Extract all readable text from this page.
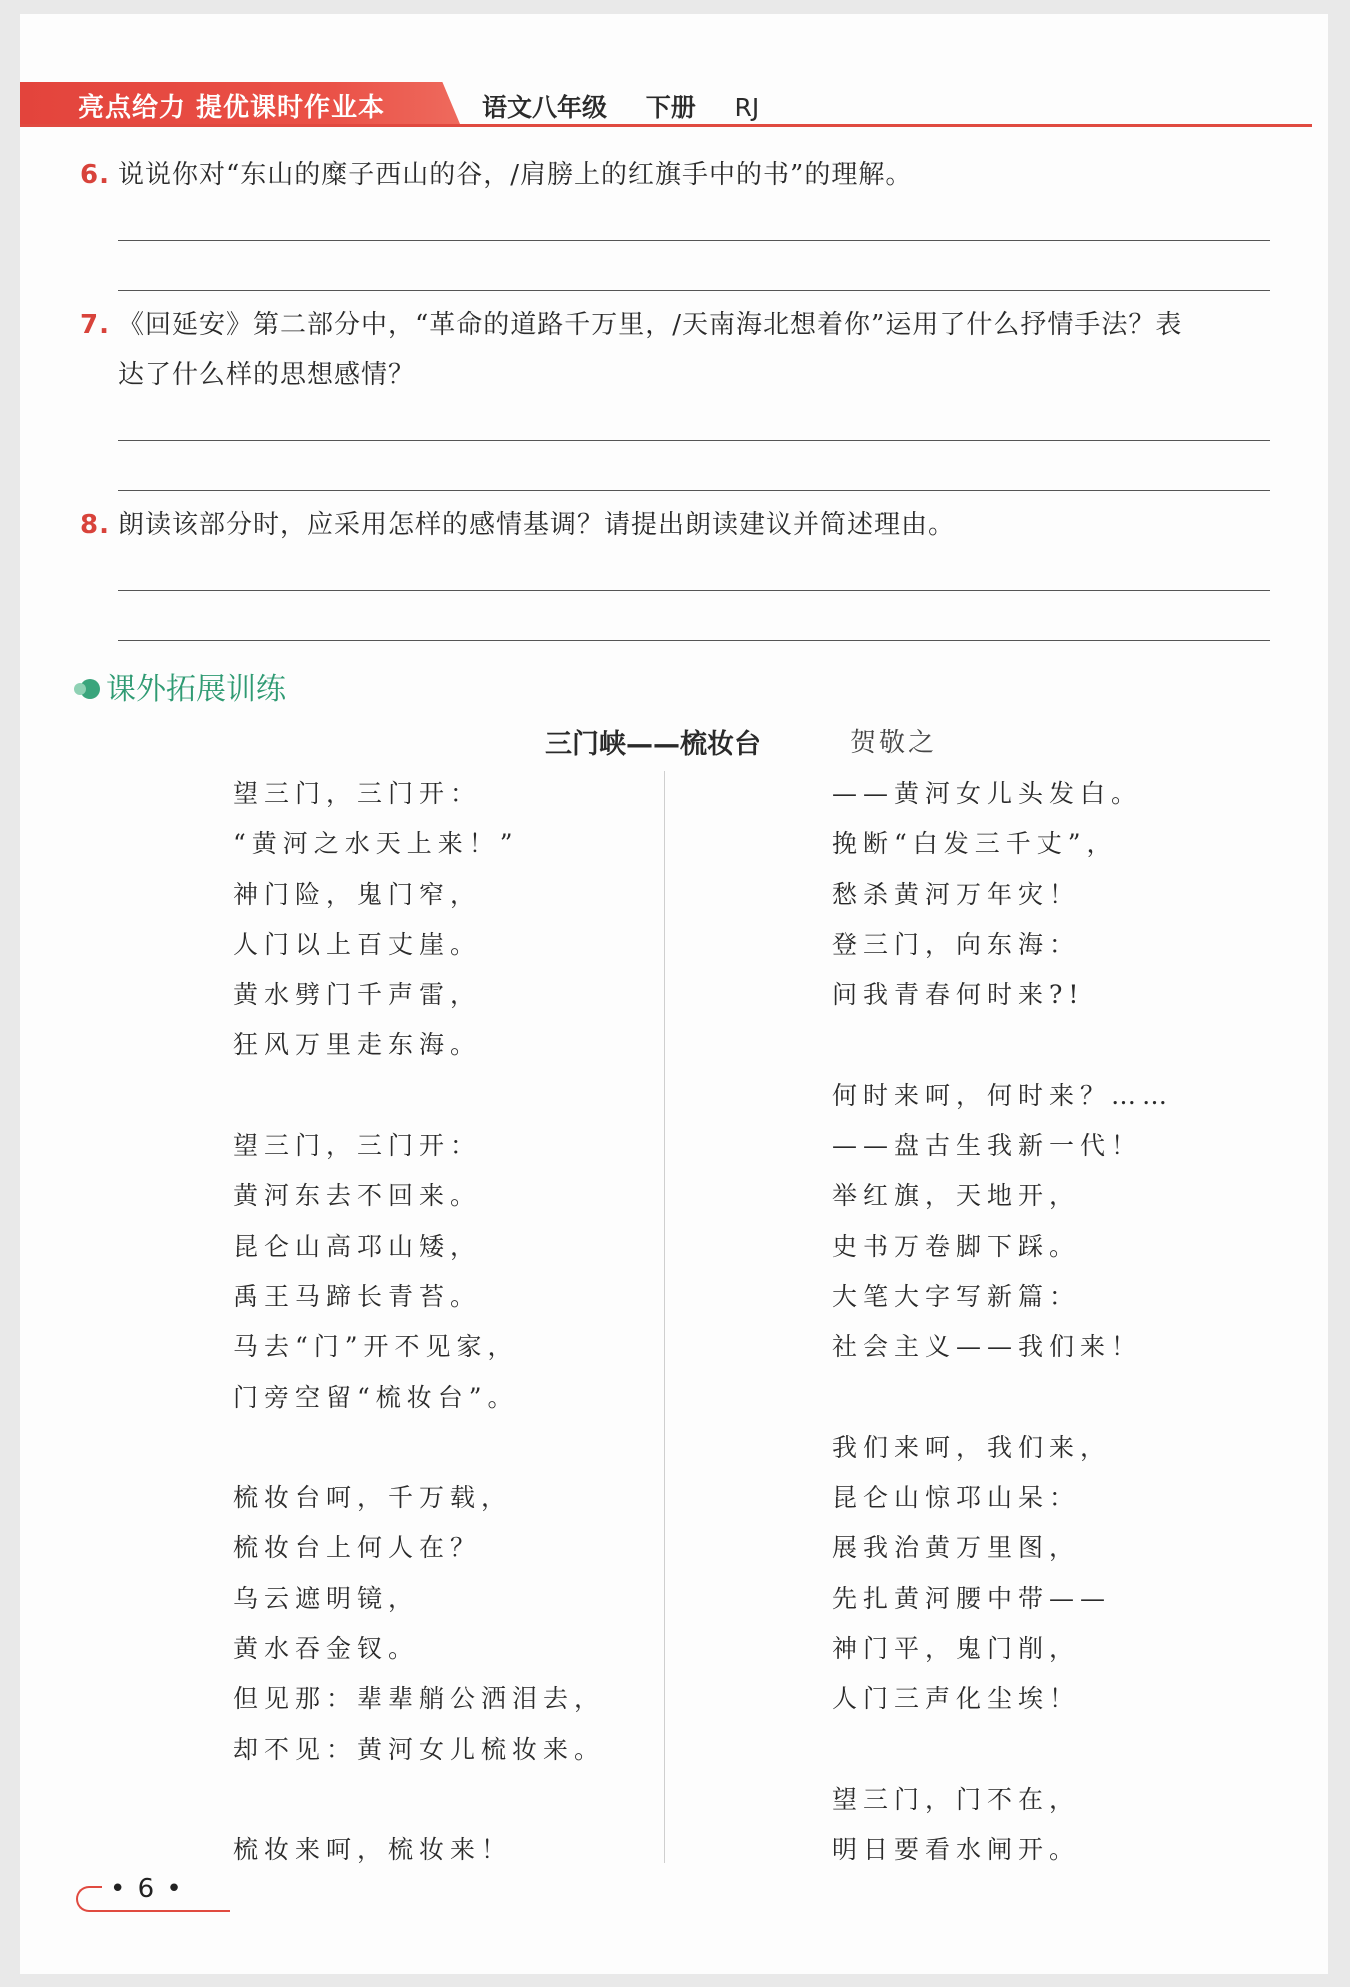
亮点给力 提优课时作业本	语文八年级 下册 RJ
6. 说说你对“东山的糜子西山的谷，/肩膀上的红旗手中的书”的理解。
7. 《回延安》第二部分中，“革命的道路千万里，/天南海北想着你”运用了什么抒情手法？表
达了什么样的思想感情？
8. 朗读该部分时，应采用怎样的感情基调？请提出朗读建议并简述理由。
课外拓展训练
三门峡——梳妆台	贺敬之
望三门，三门开：
“黄河之水天上来！”
神门险，鬼门窄，
人门以上百丈崖。
黄水劈门千声雷，
狂风万里走东海。
望三门，三门开：
黄河东去不回来。
昆仑山高邛山矮，
禹王马蹄长青苔。
马去“门”开不见家，
门旁空留“梳妆台”。
梳妆台呵，千万载，
梳妆台上何人在？
乌云遮明镜，
黄水吞金钗。
但见那：辈辈艄公洒泪去，
却不见：黄河女儿梳妆来。
梳妆来呵，梳妆来！
——黄河女儿头发白。
挽断“白发三千丈”，
愁杀黄河万年灾！
登三门，向东海：
问我青春何时来?!
何时来呵，何时来？……
——盘古生我新一代！
举红旗，天地开，
史书万卷脚下踩。
大笔大字写新篇：
社会主义——我们来！
我们来呵，我们来，
昆仑山惊邛山呆：
展我治黄万里图，
先扎黄河腰中带——
神门平，鬼门削，
人门三声化尘埃！
望三门，门不在，
明日要看水闸开。
• 6 •
